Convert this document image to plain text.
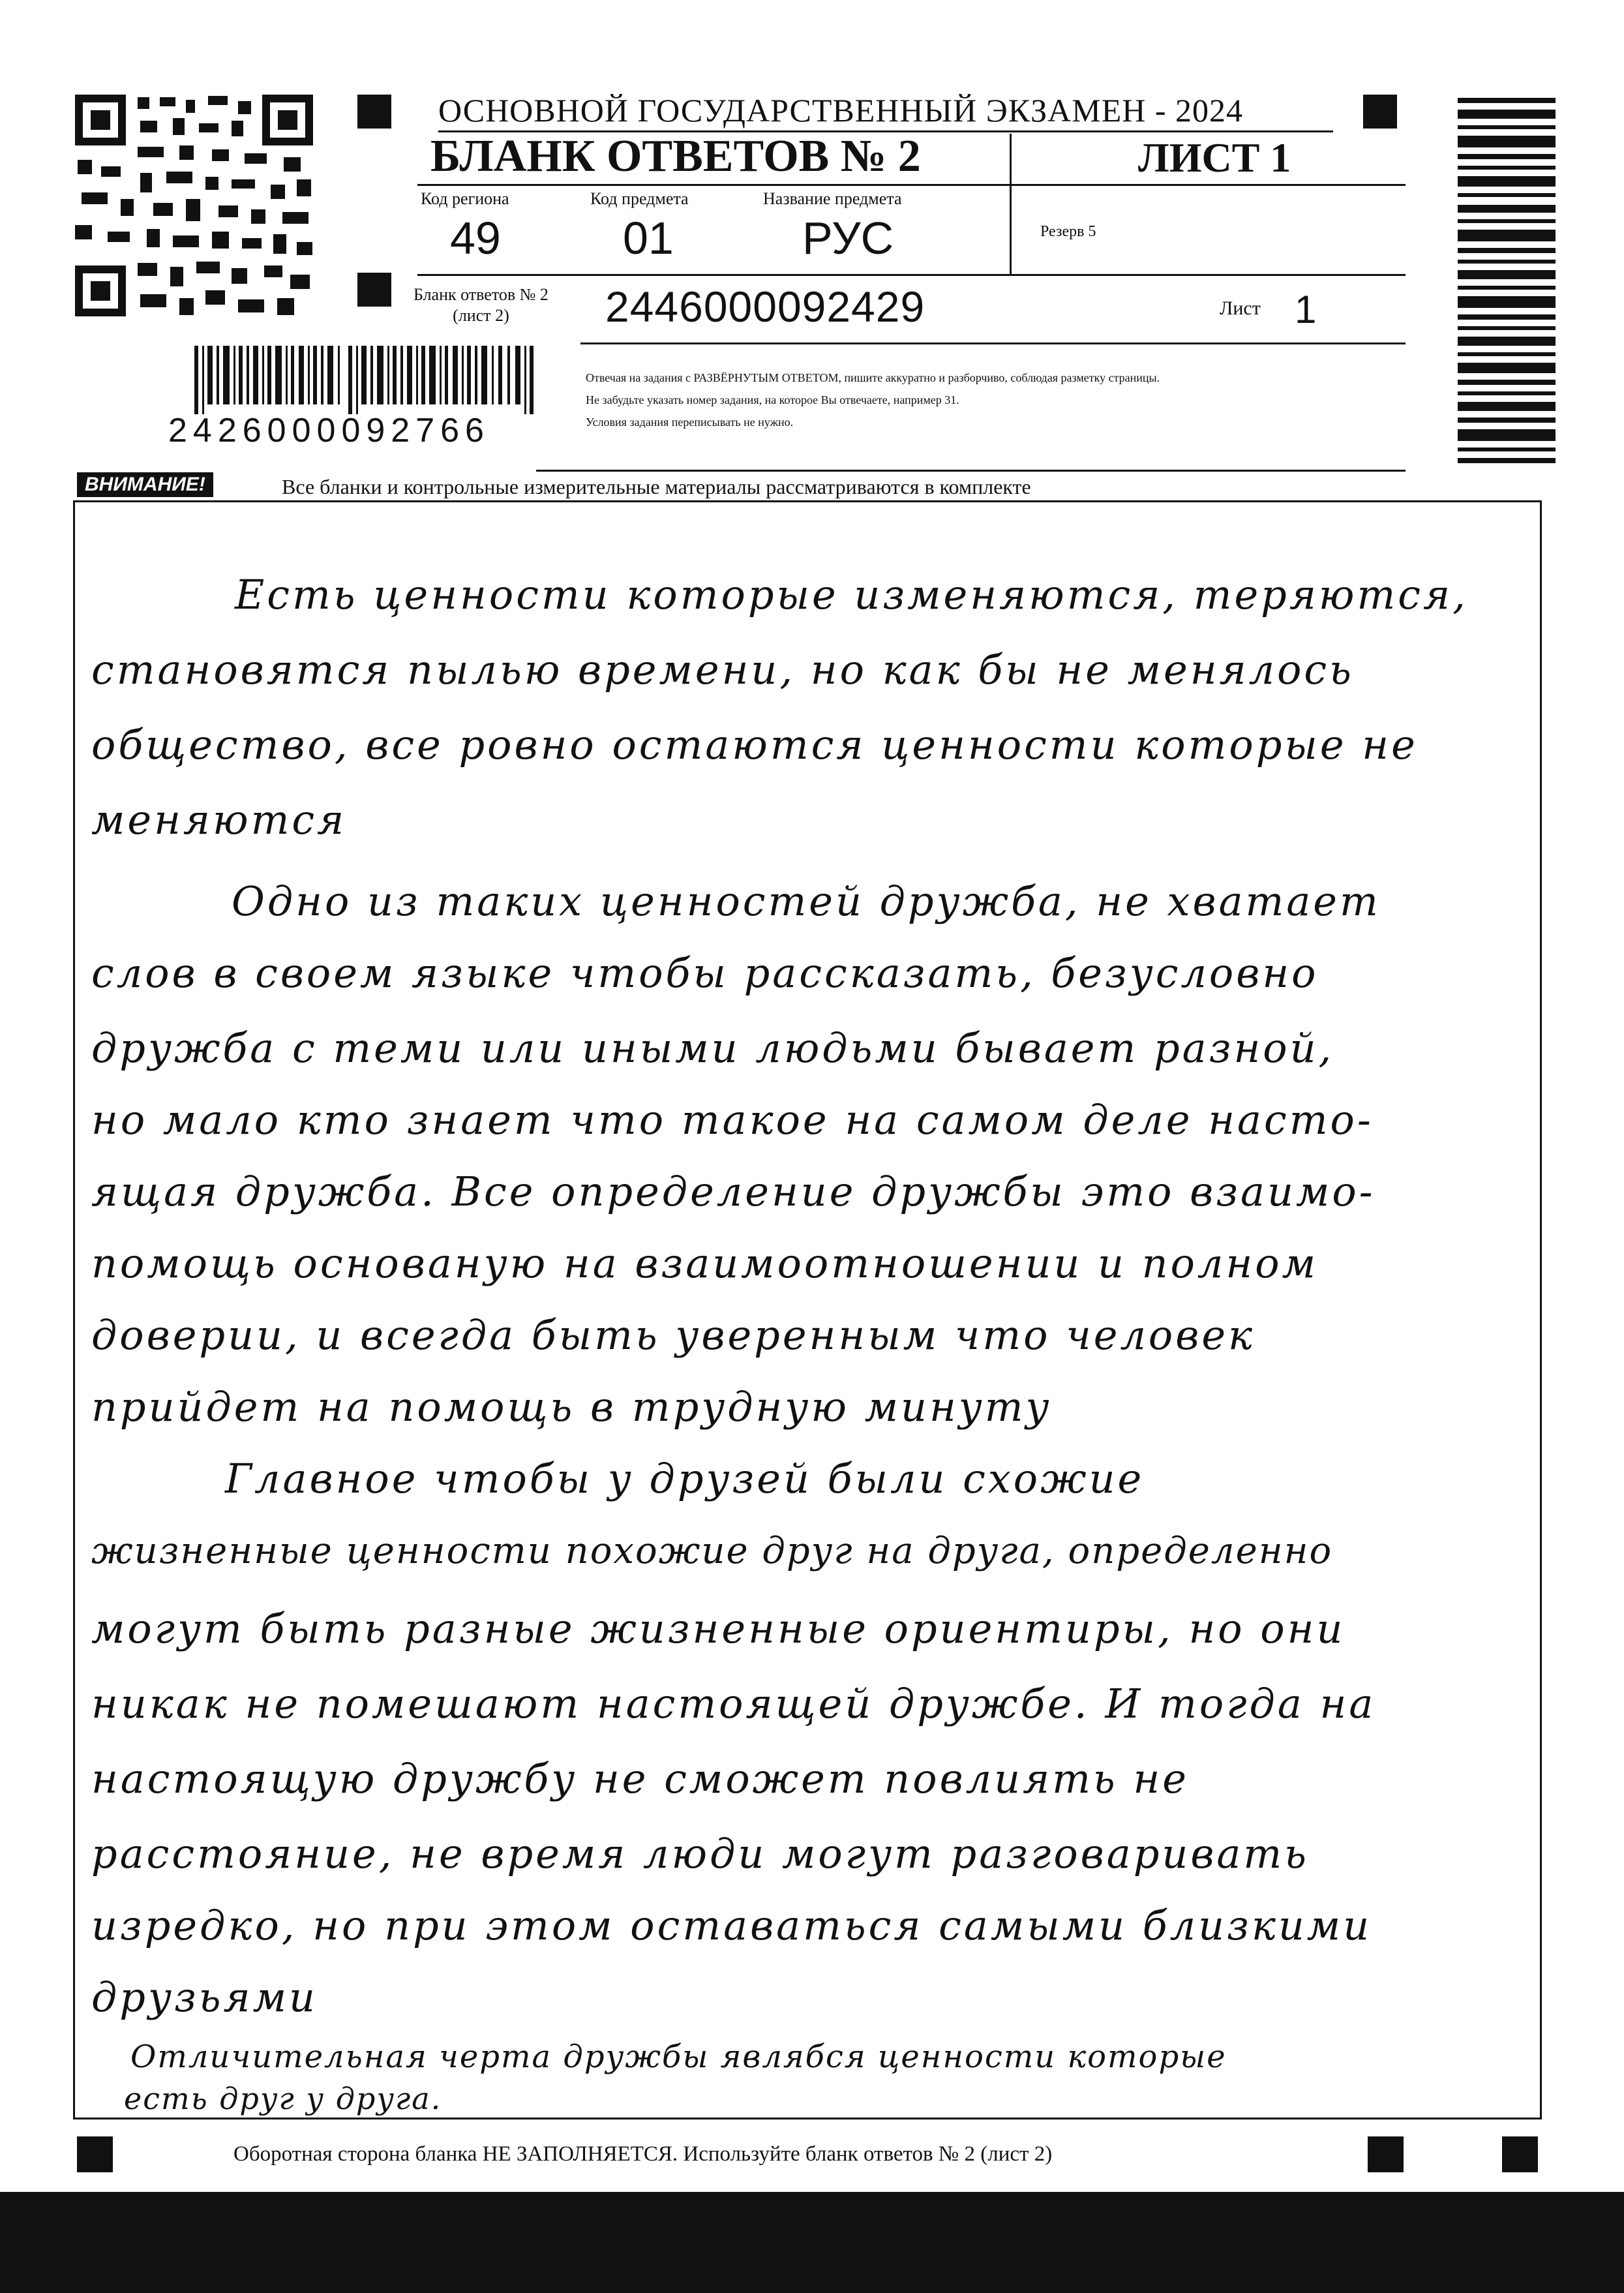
ОСНОВНОЙ ГОСУДАРСТВЕННЫЙ ЭКЗАМЕН - 2024
БЛАНК ОТВЕТОВ № 2	ЛИСТ 1
Код региона
49
Код предмета
01
Название предмета
РУС	Резерв 5
Бланк ответов № 2
(лист 2)	2446000092429	Лист 1
2426000092766
Отвечая на задания с РАЗВЁРНУТЫМ ОТВЕТОМ, пишите аккуратно и разборчиво, соблюдая разметку страницы.
Не забудьте указать номер задания, на которое Вы отвечаете, например 31.
Условия задания переписывать не нужно.
ВНИМАНИЕ!	Все бланки и контрольные измерительные материалы рассматриваются в комплекте
Есть ценности которые изменяются, теряются,
становятся пылью времени, но как бы не менялось
общество, все ровно остаются ценности которые не
меняются
Одно из таких ценностей дружба, не хватает
слов в своем языке чтобы рассказать, безусловно
дружба с теми или иными людьми бывает разной,
но мало кто знает что такое на самом деле насто-
ящая дружба. Все определение дружбы это взаимо-
помощь основаную на взаимоотношении и полном
доверии, и всегда быть уверенным что человек
прийдет на помощь в трудную минуту
Главное чтобы у друзей были схожие
жизненные ценности похожие друг на друга, определенно
могут быть разные жизненные ориентиры, но они
никак не помешают настоящей дружбе. И тогда на
настоящую дружбу не сможет повлиять не
расстояние, не время люди могут разговаривать
изредко, но при этом оставаться самыми близкими
друзьями
Отличительная черта дружбы являбся ценности которые
есть друг у друга.
Оборотная сторона бланка НЕ ЗАПОЛНЯЕТСЯ. Используйте бланк ответов № 2 (лист 2)
